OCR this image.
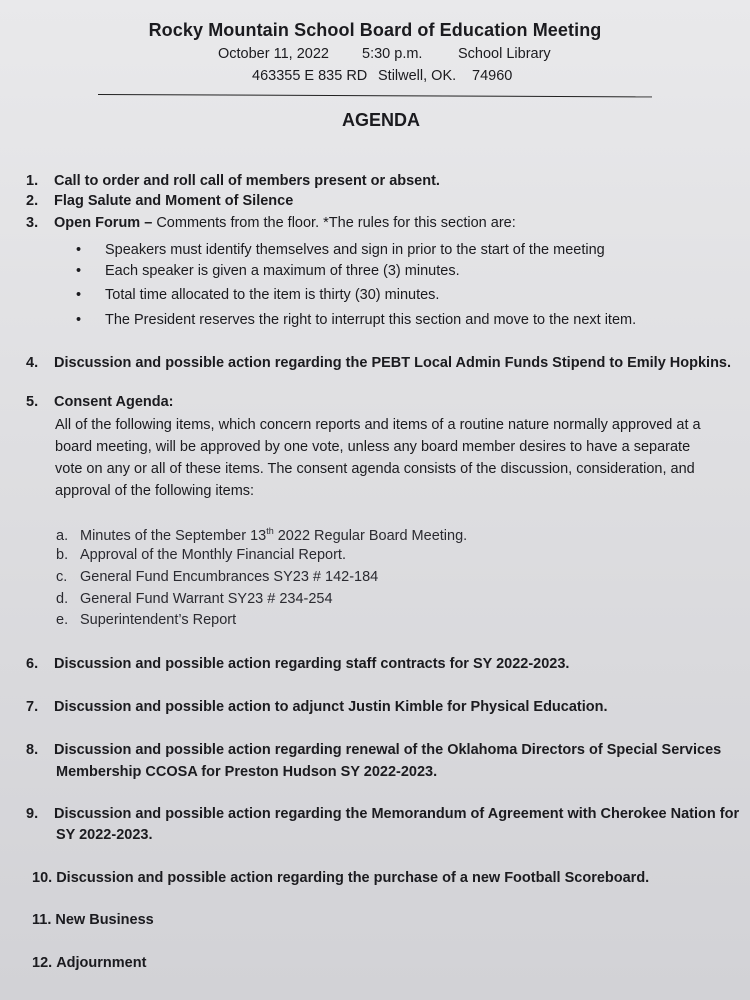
Rocky Mountain School Board of Education Meeting
October 11, 2022 5:30 p.m. School Library
463355 E 835 RD Stilwell, OK. 74960
AGENDA
1. Call to order and roll call of members present or absent.
2. Flag Salute and Moment of Silence
3. Open Forum – Comments from the floor. *The rules for this section are:
• Speakers must identify themselves and sign in prior to the start of the meeting
• Each speaker is given a maximum of three (3) minutes.
• Total time allocated to the item is thirty (30) minutes.
• The President reserves the right to interrupt this section and move to the next item.
4. Discussion and possible action regarding the PEBT Local Admin Funds Stipend to Emily Hopkins.
5. Consent Agenda:
All of the following items, which concern reports and items of a routine nature normally approved at a
board meeting, will be approved by one vote, unless any board member desires to have a separate
vote on any or all of these items. The consent agenda consists of the discussion, consideration, and
approval of the following items:
a. Minutes of the September 13th 2022 Regular Board Meeting.
b. Approval of the Monthly Financial Report.
c. General Fund Encumbrances SY23 # 142-184
d. General Fund Warrant SY23 # 234-254
e. Superintendent’s Report
6. Discussion and possible action regarding staff contracts for SY 2022-2023.
7. Discussion and possible action to adjunct Justin Kimble for Physical Education.
8. Discussion and possible action regarding renewal of the Oklahoma Directors of Special Services
Membership CCOSA for Preston Hudson SY 2022-2023.
9. Discussion and possible action regarding the Memorandum of Agreement with Cherokee Nation for
SY 2022-2023.
10. Discussion and possible action regarding the purchase of a new Football Scoreboard.
11. New Business
12. Adjournment
